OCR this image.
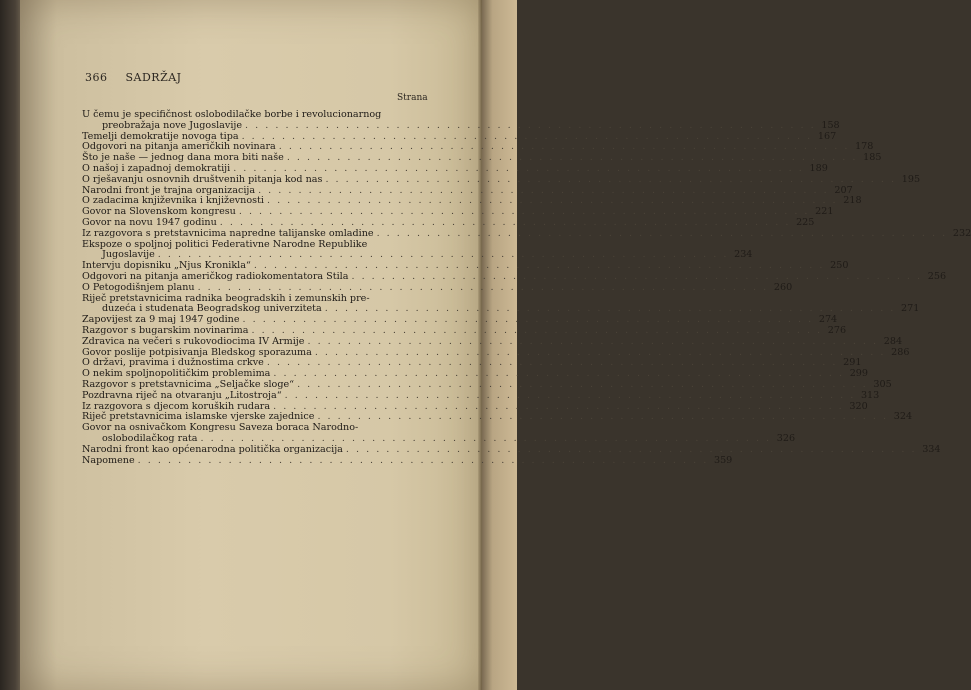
366 SADRŽAJ
Strana
U čemu je specifičnost oslobodilačke borbe i revolucionarnog
preobražaja nove Jugoslavije . . .	158
Temelji demokratije novoga tipa . . .	167
Odgovori na pitanja američkih novinara . . .	178
Što je naše — jednog dana mora biti naše . . .	185
O našoj i zapadnoj demokratiji . . .	189
O rješavanju osnovnih društvenih pitanja kod nas . . .	195
Narodni front je trajna organizacija . . .	207
O zadacima književnika i književnosti . . .	218
Govor na Slovenskom kongresu . . .	221
Govor na novu 1947 godinu . . .	225
Iz razgovora s pretstavnicima napredne talijanske omladine . . .	232
Ekspoze o spoljnoj politici Federativne Narodne Republike
Jugoslavije . . .	234
Intervju dopisniku „Njus Kronikla“ . . .	250
Odgovori na pitanja američkog radiokomentatora Stila . . .	256
O Petogodišnjem planu . . .	260
Riječ pretstavnicima radnika beogradskih i zemunskih pre-
duzeća i studenata Beogradskog univerziteta . . .	271
Zapovijest za 9 maj 1947 godine . . .	274
Razgovor s bugarskim novinarima . . .	276
Zdravica na večeri s rukovodiocima IV Armije . . .	284
Govor poslije potpisivanja Bledskog sporazuma . . .	286
O državi, pravima i dužnostima crkve . . .	291
O nekim spoljnopolitičkim problemima . . .	299
Razgovor s pretstavnicima „Seljačke sloge“ . . .	305
Pozdravna riječ na otvaranju „Litostroja“ . . .	313
Iz razgovora s djecom koruških rudara . . .	320
Riječ pretstavnicima islamske vjerske zajednice . . .	324
Govor na osnivačkom Kongresu Saveza boraca Narodno-
oslobodilačkog rata . . .	326
Narodni front kao općenarodna politička organizacija . . .	334
Napomene . . .	359
